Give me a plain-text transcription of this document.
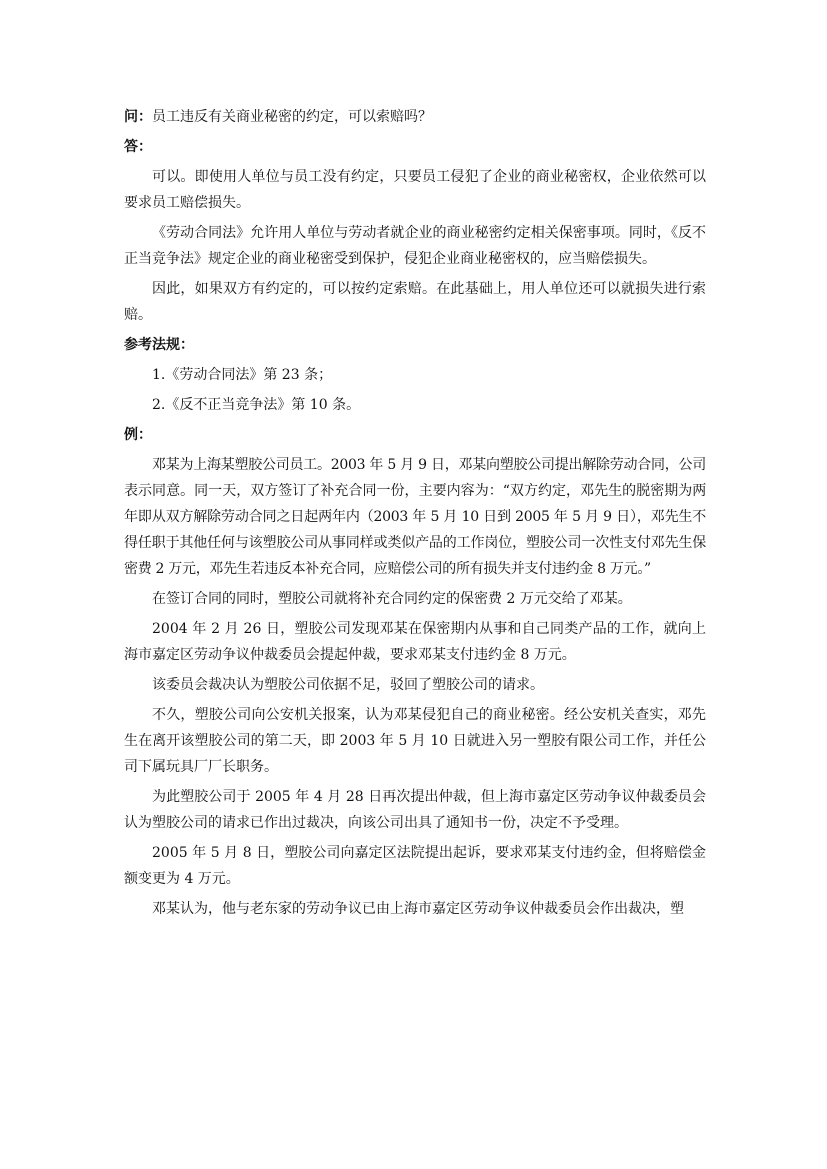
问：员工违反有关商业秘密的约定，可以索赔吗？
答：

可以。即使用人单位与员工没有约定，只要员工侵犯了企业的商业秘密权，企业依然可以要求员工赔偿损失。

《劳动合同法》允许用人单位与劳动者就企业的商业秘密约定相关保密事项。同时，《反不正当竞争法》规定企业的商业秘密受到保护，侵犯企业商业秘密权的，应当赔偿损失。

因此，如果双方有约定的，可以按约定索赔。在此基础上，用人单位还可以就损失进行索赔。

参考法规：
1.《劳动合同法》第 23 条；
2.《反不正当竞争法》第 10 条。
例：

邓某为上海某塑胶公司员工。2003 年 5 月 9 日，邓某向塑胶公司提出解除劳动合同，公司表示同意。同一天，双方签订了补充合同一份，主要内容为：“双方约定，邓先生的脱密期为两年即从双方解除劳动合同之日起两年内（2003 年 5 月 10 日到 2005 年 5 月 9 日），邓先生不得任职于其他任何与该塑胶公司从事同样或类似产品的工作岗位，塑胶公司一次性支付邓先生保密费 2 万元，邓先生若违反本补充合同，应赔偿公司的所有损失并支付违约金 8 万元。”

在签订合同的同时，塑胶公司就将补充合同约定的保密费 2 万元交给了邓某。

2004 年 2 月 26 日，塑胶公司发现邓某在保密期内从事和自己同类产品的工作，就向上海市嘉定区劳动争议仲裁委员会提起仲裁，要求邓某支付违约金 8 万元。

该委员会裁决认为塑胶公司依据不足，驳回了塑胶公司的请求。

不久，塑胶公司向公安机关报案，认为邓某侵犯自己的商业秘密。经公安机关查实，邓先生在离开该塑胶公司的第二天，即 2003 年 5 月 10 日就进入另一塑胶有限公司工作，并任公司下属玩具厂厂长职务。

为此塑胶公司于 2005 年 4 月 28 日再次提出仲裁，但上海市嘉定区劳动争议仲裁委员会认为塑胶公司的请求已作出过裁决，向该公司出具了通知书一份，决定不予受理。

2005 年 5 月 8 日，塑胶公司向嘉定区法院提出起诉，要求邓某支付违约金，但将赔偿金额变更为 4 万元。

邓某认为，他与老东家的劳动争议已由上海市嘉定区劳动争议仲裁委员会作出裁决，塑
